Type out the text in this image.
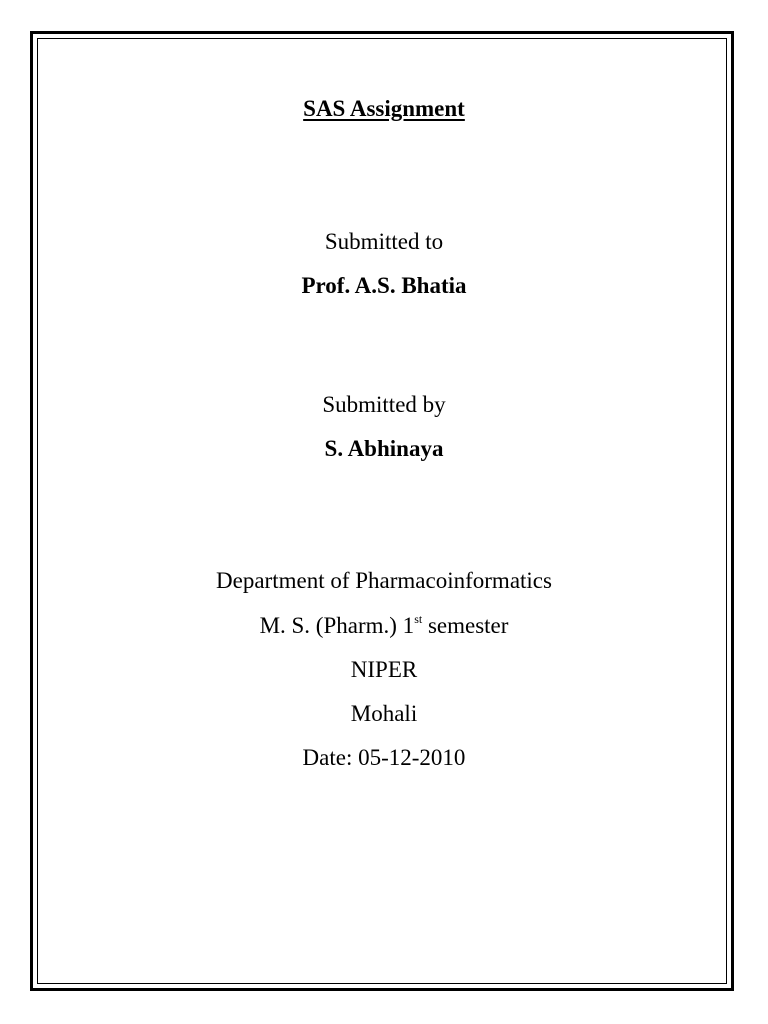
SAS Assignment
Submitted to
Prof. A.S. Bhatia
Submitted by
S. Abhinaya
Department of Pharmacoinformatics
M. S. (Pharm.) 1st semester
NIPER
Mohali
Date: 05-12-2010
